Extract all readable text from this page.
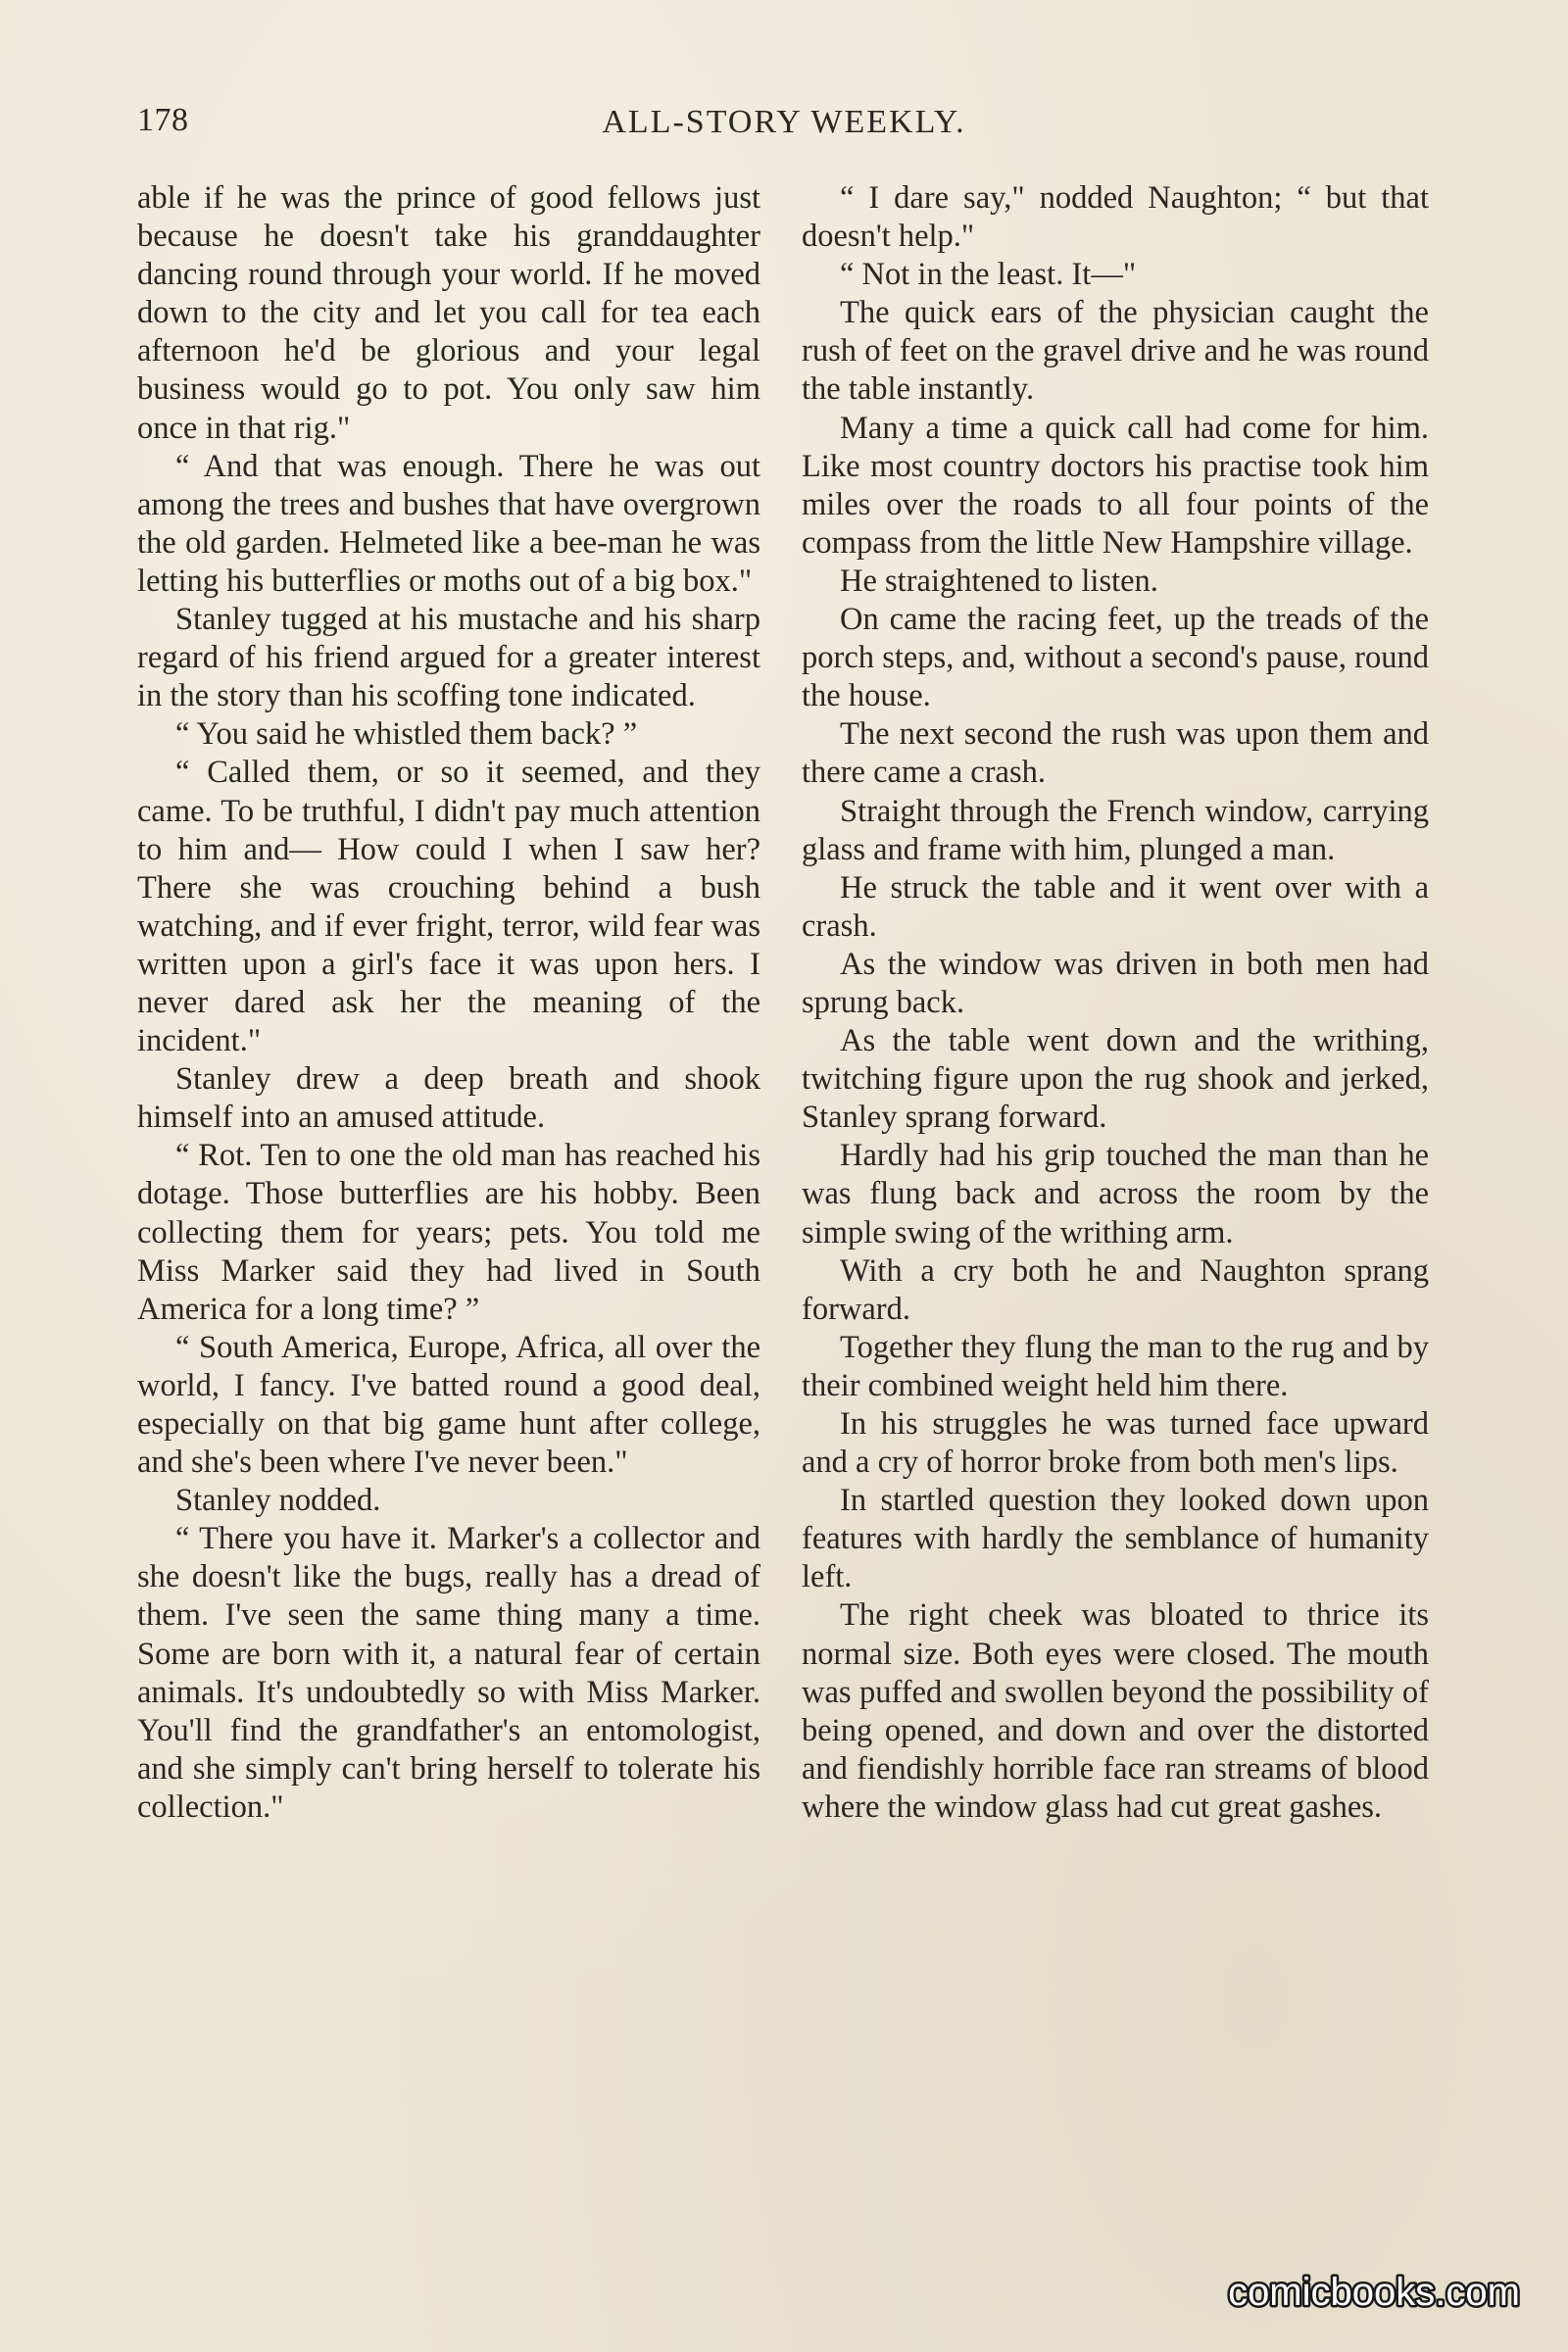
178	ALL-STORY WEEKLY.

able if he was the prince of good fellows just because he doesn't take his granddaughter dancing round through your world. If he moved down to the city and let you call for tea each afternoon he'd be glorious and your legal business would go to pot. You only saw him once in that rig."

“ And that was enough. There he was out among the trees and bushes that have overgrown the old garden. Helmeted like a bee-man he was letting his butterflies or moths out of a big box."

Stanley tugged at his mustache and his sharp regard of his friend argued for a greater interest in the story than his scoffing tone indicated.

“ You said he whistled them back? ”

“ Called them, or so it seemed, and they came. To be truthful, I didn't pay much attention to him and— How could I when I saw her? There she was crouching behind a bush watching, and if ever fright, terror, wild fear was written upon a girl's face it was upon hers. I never dared ask her the meaning of the incident."

Stanley drew a deep breath and shook himself into an amused attitude.

“ Rot. Ten to one the old man has reached his dotage. Those butterflies are his hobby. Been collecting them for years; pets. You told me Miss Marker said they had lived in South America for a long time? ”

“ South America, Europe, Africa, all over the world, I fancy. I've batted round a good deal, especially on that big game hunt after college, and she's been where I've never been."

Stanley nodded.

“ There you have it. Marker's a collector and she doesn't like the bugs, really has a dread of them. I've seen the same thing many a time. Some are born with it, a natural fear of certain animals. It's undoubtedly so with Miss Marker. You'll find the grandfather's an entomologist, and she simply can't bring herself to tolerate his collection."

“ I dare say," nodded Naughton; “ but that doesn't help."

“ Not in the least. It—"

The quick ears of the physician caught the rush of feet on the gravel drive and he was round the table instantly.

Many a time a quick call had come for him. Like most country doctors his practise took him miles over the roads to all four points of the compass from the little New Hampshire village.

He straightened to listen.

On came the racing feet, up the treads of the porch steps, and, without a second's pause, round the house.

The next second the rush was upon them and there came a crash.

Straight through the French window, carrying glass and frame with him, plunged a man.

He struck the table and it went over with a crash.

As the window was driven in both men had sprung back.

As the table went down and the writhing, twitching figure upon the rug shook and jerked, Stanley sprang forward.

Hardly had his grip touched the man than he was flung back and across the room by the simple swing of the writhing arm.

With a cry both he and Naughton sprang forward.

Together they flung the man to the rug and by their combined weight held him there.

In his struggles he was turned face upward and a cry of horror broke from both men's lips.

In startled question they looked down upon features with hardly the semblance of humanity left.

The right cheek was bloated to thrice its normal size. Both eyes were closed. The mouth was puffed and swollen beyond the possibility of being opened, and down and over the distorted and fiendishly horrible face ran streams of blood where the window glass had cut great gashes.

comicbooks.com
